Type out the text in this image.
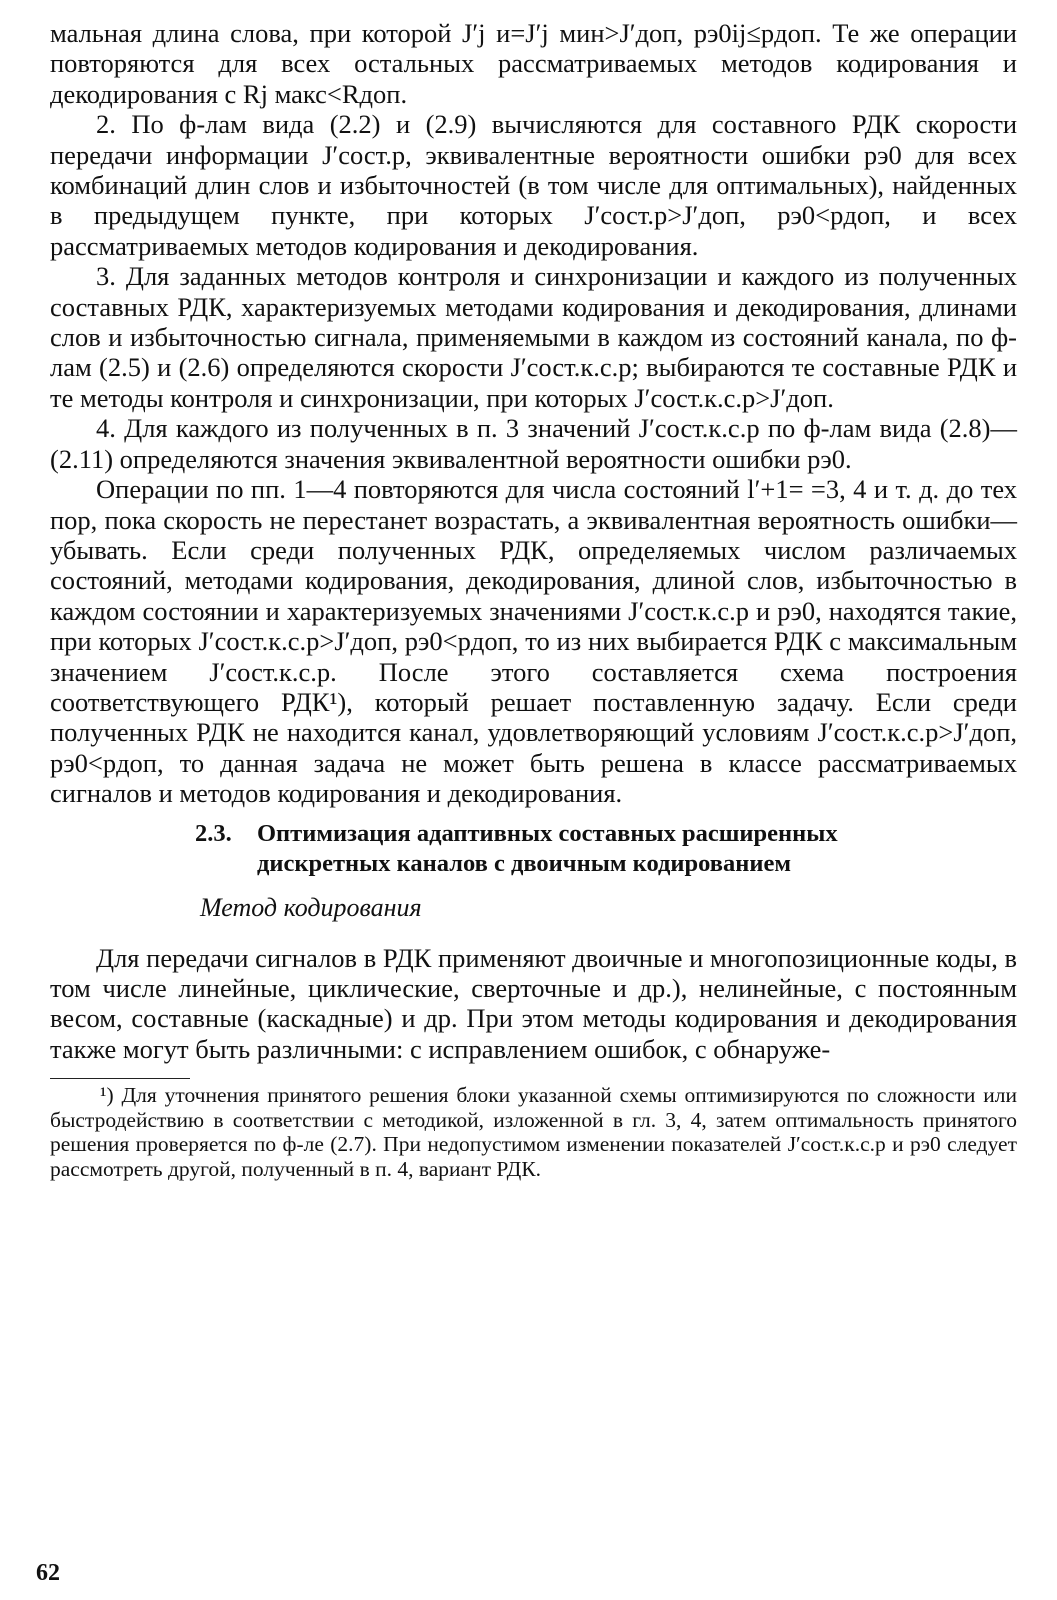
мальная длина слова, при которой J′j и=J′j мин>J′доп, pэ0ij≤pдоп. Те же операции повторяются для всех остальных рассматриваемых методов кодирования и декодирования с Rj макс<Rдоп.

2. По ф-лам вида (2.2) и (2.9) вычисляются для составного РДК скорости передачи информации J′сост.р, эквивалентные вероятности ошибки pэ0 для всех комбинаций длин слов и избыточностей (в том числе для оптимальных), найденных в предыдущем пункте, при которых J′сост.р>J′доп, pэ0<pдоп, и всех рассматриваемых методов кодирования и декодирования.

3. Для заданных методов контроля и синхронизации и каждого из полученных составных РДК, характеризуемых методами кодирования и декодирования, длинами слов и избыточностью сигнала, применяемыми в каждом из состояний канала, по ф-лам (2.5) и (2.6) определяются скорости J′сост.к.с.р; выбираются те составные РДК и те методы контроля и синхронизации, при которых J′сост.к.с.р>J′доп.

4. Для каждого из полученных в п. 3 значений J′сост.к.с.р по ф-лам вида (2.8)—(2.11) определяются значения эквивалентной вероятности ошибки pэ0.

Операции по пп. 1—4 повторяются для числа состояний l′+1= =3, 4 и т. д. до тех пор, пока скорость не перестанет возрастать, а эквивалентная вероятность ошибки—убывать. Если среди полученных РДК, определяемых числом различаемых состояний, методами кодирования, декодирования, длиной слов, избыточностью в каждом состоянии и характеризуемых значениями J′сост.к.с.р и pэ0, находятся такие, при которых J′сост.к.с.р>J′доп, pэ0<pдоп, то из них выбирается РДК с максимальным значением J′сост.к.с.р. После этого составляется схема построения соответствующего РДК¹), который решает поставленную задачу. Если среди полученных РДК не находится канал, удовлетворяющий условиям J′сост.к.с.р>J′доп, pэ0<pдоп, то данная задача не может быть решена в классе рассматриваемых сигналов и методов кодирования и декодирования.

2.3.	Оптимизация адаптивных составных расширенных дискретных каналов с двоичным кодированием
Метод кодирования

Для передачи сигналов в РДК применяют двоичные и многопозиционные коды, в том числе линейные, циклические, сверточные и др.), нелинейные, с постоянным весом, составные (каскадные) и др. При этом методы кодирования и декодирования также могут быть различными: с исправлением ошибок, с обнаруже-

¹) Для уточнения принятого решения блоки указанной схемы оптимизируются по сложности или быстродействию в соответствии с методикой, изложенной в гл. 3, 4, затем оптимальность принятого решения проверяется по ф-ле (2.7). При недопустимом изменении показателей J′сост.к.с.р и pэ0 следует рассмотреть другой, полученный в п. 4, вариант РДК.

62
